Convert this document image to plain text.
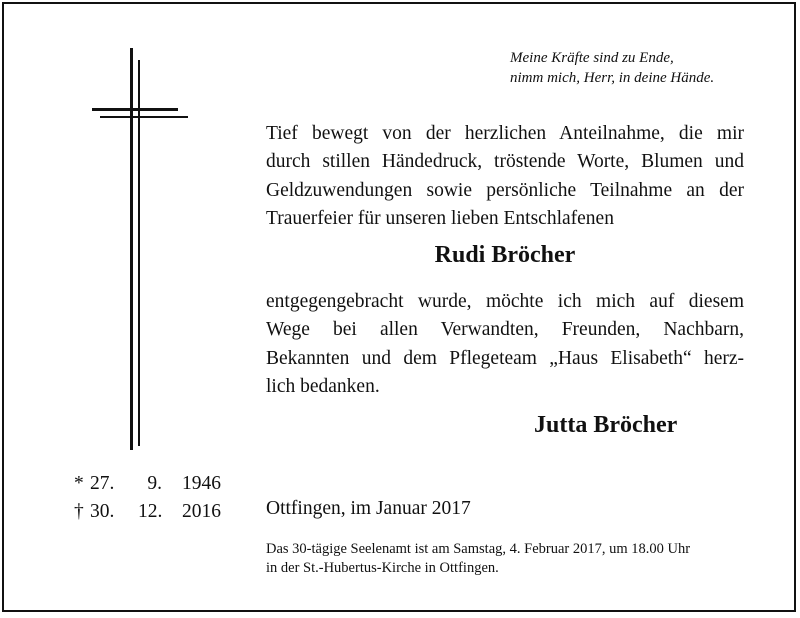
Meine Kräfte sind zu Ende,
nimm mich, Herr, in deine Hände.
Tief bewegt von der herzlichen Anteilnahme, die mir
durch stillen Händedruck, tröstende Worte, Blumen und
Geldzuwendungen sowie persönliche Teilnahme an der
Trauerfeier für unseren lieben Entschlafenen
Rudi Bröcher
entgegengebracht wurde, möchte ich mich auf diesem
Wege bei allen Verwandten, Freunden, Nachbarn,
Bekannten und dem Pflegeteam „Haus Elisabeth“ herz-
lich bedanken.
Jutta Bröcher
* 27.	9.	1946
† 30.	12.	2016 Ottfingen, im Januar 2017
Das 30-tägige Seelenamt ist am Samstag, 4. Februar 2017, um 18.00 Uhr
in der St.-Hubertus-Kirche in Ottfingen.
